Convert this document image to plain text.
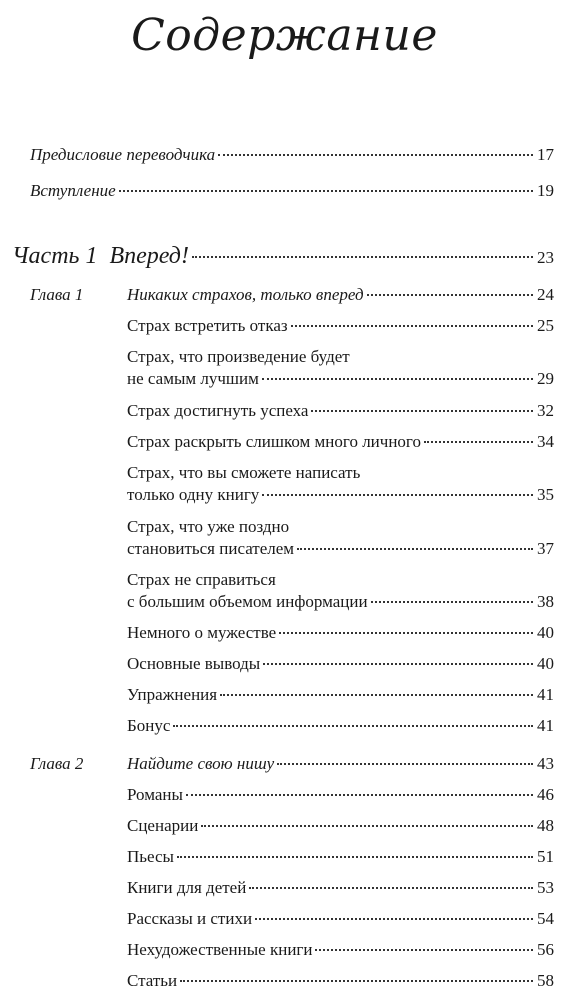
Содержание
Предисловие переводчика	17
Вступление	19
Часть 1  Вперед!	23
Глава 1	Никаких страхов, только вперед	24
Страх встретить отказ	25
Страх, что произведение будет
не самым лучшим	29
Страх достигнуть успеха	32
Страх раскрыть слишком много личного	34
Страх, что вы сможете написать
только одну книгу	35
Страх, что уже поздно
становиться писателем	37
Страх не справиться
с большим объемом информации	38
Немного о мужестве	40
Основные выводы	40
Упражнения	41
Бонус	41
Глава 2	Найдите свою нишу	43
Романы	46
Сценарии	48
Пьесы	51
Книги для детей	53
Рассказы и стихи	54
Нехудожественные книги	56
Статьи	58
